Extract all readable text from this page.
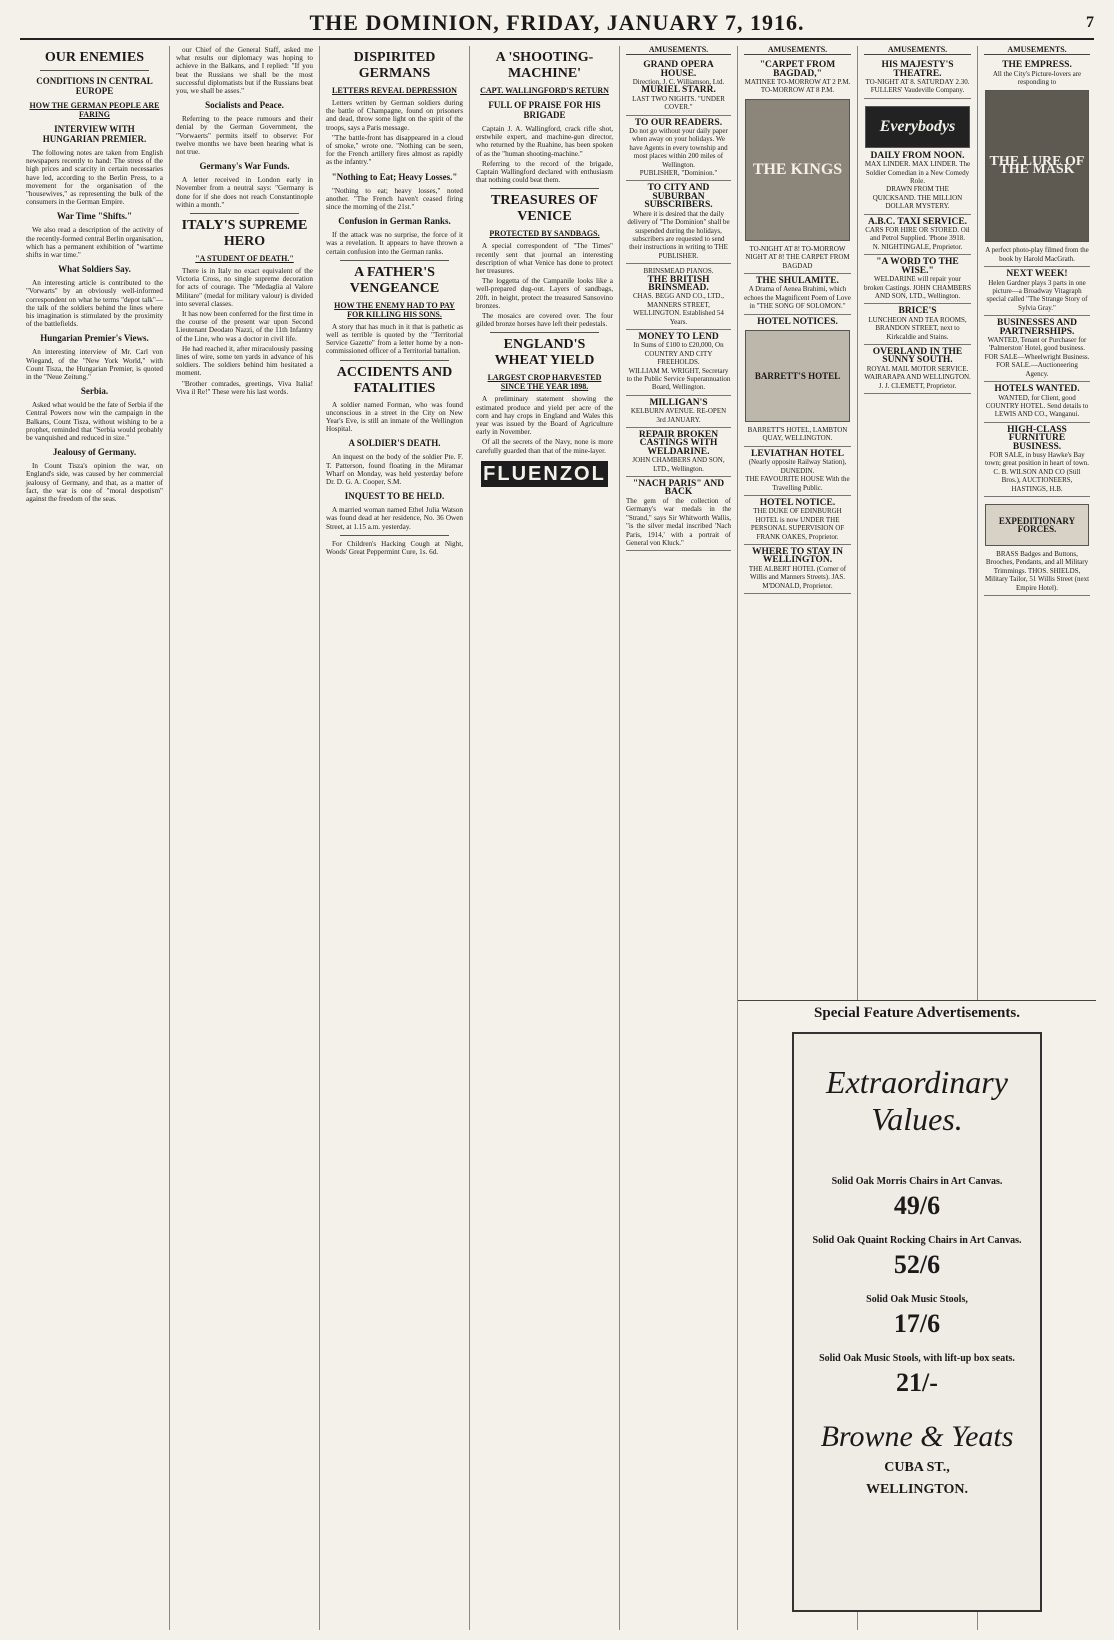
THE DOMINION, FRIDAY, JANUARY 7, 1916.	7
OUR ENEMIES
CONDITIONS IN CENTRAL EUROPE
HOW THE GERMAN PEOPLE ARE FARING
INTERVIEW WITH HUNGARIAN PREMIER.

The following notes are taken from English newspapers recently to hand: The stress of the high prices and scarcity in certain necessaries have led, according to the Berlin Press, to a movement for the organisation of the "housewives," as representing the bulk of the consumers in the German Empire.

War Time "Shifts."

We also read a description of the activity of the recently-formed central Berlin organisation, which has a permanent exhibition of "wartime shifts in war time."

What Soldiers Say.

An interesting article is contributed to the "Vorwarts" by an obviously well-informed correspondent on what he terms "depot talk"—the talk of the soldiers behind the lines where his imagination is stimulated by the proximity of the battlefields.

Hungarian Premier's Views.

An interesting interview of Mr. Carl von Wiegand, of the "New York World," with Count Tisza, the Hungarian Premier, is quoted in the "Neue Zeitung."

Serbia.

Asked what would be the fate of Serbia if the Central Powers now win the campaign in the Balkans, Count Tisza, without wishing to be a prophet, reminded that "Serbia would probably be vanquished and reduced in size."

Jealousy of Germany.

In Count Tisza's opinion the war, on England's side, was caused by her commercial jealousy of Germany, and that, as a matter of fact, the war is one of "moral despotism" against the freedom of the seas.

our Chief of the General Staff, asked me what results our diplomacy was hoping to achieve in the Balkans, and I replied: "If you beat the Russians we shall be the most successful diplomatists but if the Russians beat you, we shall be asses."

Socialists and Peace.

Referring to the peace rumours and their denial by the German Government, the "Vorwaerts" permits itself to observe: For twelve months we have been hearing what is not true.

Germany's War Funds.

A letter received in London early in November from a neutral says: "Germany is done for if she does not reach Constantinople within a month."

ITALY'S SUPREME HERO
"A STUDENT OF DEATH."

There is in Italy no exact equivalent of the Victoria Cross, no single supreme decoration for acts of courage. The "Medaglia al Valore Militare" (medal for military valour) is divided into several classes.

It has now been conferred for the first time in the course of the present war upon Second Lieutenant Deodato Nazzi, of the 11th Infantry of the Line, who was a doctor in civil life.

He had reached it, after miraculously passing lines of wire, some ten yards in advance of his soldiers. The soldiers behind him hesitated a moment.

"Brother comrades, greetings, Viva Italia! Viva il Re!" These were his last words.

DISPIRITED GERMANS
LETTERS REVEAL DEPRESSION

Letters written by German soldiers during the battle of Champagne, found on prisoners and dead, throw some light on the spirit of the troops, says a Paris message.

"The battle-front has disappeared in a cloud of smoke," wrote one. "Nothing can be seen, for the French artillery fires almost as rapidly as the infantry."

"Nothing to Eat; Heavy Losses."

"Nothing to eat; heavy losses," noted another. "The French haven't ceased firing since the morning of the 21st."

Confusion in German Ranks.

If the attack was no surprise, the force of it was a revelation. It appears to have thrown a certain confusion into the German ranks.

A FATHER'S VENGEANCE
HOW THE ENEMY HAD TO PAY FOR KILLING HIS SONS.

A story that has much in it that is pathetic as well as terrible is quoted by the "Territorial Service Gazette" from a letter home by a non-commissioned officer of a Territorial battalion.

ACCIDENTS AND FATALITIES

A soldier named Forman, who was found unconscious in a street in the City on New Year's Eve, is still an inmate of the Wellington Hospital.

A SOLDIER'S DEATH.

An inquest on the body of the soldier Pte. F. T. Patterson, found floating in the Miramar Wharf on Monday, was held yesterday before Dr. D. G. A. Cooper, S.M.

INQUEST TO BE HELD.

A married woman named Ethel Julia Watson was found dead at her residence, No. 36 Owen Street, at 1.15 a.m. yesterday.

For Children's Hacking Cough at Night, Woods' Great Peppermint Cure, 1s. 6d.

A 'SHOOTING-MACHINE'
CAPT. WALLINGFORD'S RETURN
FULL OF PRAISE FOR HIS BRIGADE

Captain J. A. Wallingford, crack rifle shot, erstwhile expert, and machine-gun director, who returned by the Ruahine, has been spoken of as the "human shooting-machine."

Referring to the record of the brigade, Captain Wallingford declared with enthusiasm that nothing could beat them.

TREASURES OF VENICE
PROTECTED BY SANDBAGS.

A special correspondent of "The Times" recently sent that journal an interesting description of what Venice has done to protect her treasures.

The loggetta of the Campanile looks like a well-prepared dug-out. Layers of sandbags, 20ft. in height, protect the treasured Sansovino bronzes.

The mosaics are covered over. The four gilded bronze horses have left their pedestals.

ENGLAND'S WHEAT YIELD
LARGEST CROP HARVESTED SINCE THE YEAR 1898.

A preliminary statement showing the estimated produce and yield per acre of the corn and hay crops in England and Wales this year was issued by the Board of Agriculture early in November.

Of all the secrets of the Navy, none is more carefully guarded than that of the mine-layer.

FLUENZOL
AMUSEMENTS.
GRAND OPERA HOUSE.
Direction, J. C. Williamson, Ltd.
MURIEL STARR.
LAST TWO NIGHTS. "UNDER COVER."
TO OUR READERS.
Do not go without your daily paper when away on your holidays. We have Agents in every township and most places within 200 miles of Wellington.
PUBLISHER, "Dominion."
TO CITY AND SUBURBAN SUBSCRIBERS.
Where it is desired that the daily delivery of "The Dominion" shall be suspended during the holidays, subscribers are requested to send their instructions in writing to THE PUBLISHER.
BRINSMEAD PIANOS.
THE BRITISH BRINSMEAD.
CHAS. BEGG AND CO., LTD., MANNERS STREET, WELLINGTON. Established 54 Years.
MONEY TO LEND
In Sums of £100 to £20,000, On COUNTRY AND CITY FREEHOLDS.
WILLIAM M. WRIGHT, Secretary to the Public Service Superannuation Board, Wellington.
MILLIGAN'S
KELBURN AVENUE. RE-OPEN 3rd JANUARY.
REPAIR BROKEN CASTINGS WITH WELDARINE.
JOHN CHAMBERS AND SON, LTD., Wellington.
"NACH PARIS" AND BACK
The gem of the collection of Germany's war medals in the "Strand," says Sir Whitworth Wallis, "is the silver medal inscribed 'Nach Paris, 1914,' with a portrait of General von Kluck."
AMUSEMENTS.
"CARPET FROM BAGDAD,"
MATINEE TO-MORROW AT 2 P.M. TO-MORROW AT 8 P.M.
THE KINGS
TO-NIGHT AT 8! TO-MORROW NIGHT AT 8! THE CARPET FROM BAGDAD
THE SHULAMITE.
A Drama of Aenea Brahimi, which echoes the Magnificent Poem of Love in "THE SONG OF SOLOMON."
HOTEL NOTICES.
BARRETT'S HOTEL
BARRETT'S HOTEL, LAMBTON QUAY, WELLINGTON.
LEVIATHAN HOTEL
(Nearly opposite Railway Station), DUNEDIN.
THE FAVOURITE HOUSE With the Travelling Public.
HOTEL NOTICE.
THE DUKE OF EDINBURGH HOTEL is now UNDER THE PERSONAL SUPERVISION OF FRANK OAKES, Proprietor.
WHERE TO STAY IN WELLINGTON.
THE ALBERT HOTEL (Corner of Willis and Manners Streets). JAS. M'DONALD, Proprietor.
AMUSEMENTS.
HIS MAJESTY'S THEATRE.
TO-NIGHT AT 8. SATURDAY 2.30. FULLERS' Vaudeville Company.
Everybodys
DAILY FROM NOON.
MAX LINDER. MAX LINDER. The Soldier Comedian in a New Comedy Role.
DRAWN FROM THE QUICKSAND. THE MILLION DOLLAR MYSTERY.
A.B.C. TAXI SERVICE.
CARS FOR HIRE OR STORED. Oil and Petrol Supplied. 'Phone 3918.
N. NIGHTINGALE, Proprietor.
"A WORD TO THE WISE."
WELDARINE will repair your broken Castings. JOHN CHAMBERS AND SON, LTD., Wellington.
BRICE'S
LUNCHEON AND TEA ROOMS, BRANDON STREET, next to Kirkcaldie and Stains.
OVERLAND IN THE SUNNY SOUTH.
ROYAL MAIL MOTOR SERVICE. WAIRARAPA AND WELLINGTON. J. J. CLEMETT, Proprietor.
AMUSEMENTS.
THE EMPRESS.
All the City's Picture-lovers are responding to
THE LURE OF THE MASK
A perfect photo-play filmed from the book by Harold MacGrath.
NEXT WEEK!
Helen Gardner plays 3 parts in one picture—a Broadway Vitagraph special called "The Strange Story of Sylvia Gray."
BUSINESSES AND PARTNERSHIPS.
WANTED, Tenant or Purchaser for 'Palmerston' Hotel, good business. FOR SALE—Wheelwright Business. FOR SALE.—Auctioneering Agency.
HOTELS WANTED.
WANTED, for Client, good COUNTRY HOTEL. Send details to LEWIS AND CO., Wanganui.
HIGH-CLASS FURNITURE BUSINESS.
FOR SALE, in busy Hawke's Bay town; great position in heart of town.
C. B. WILSON AND CO (Still Bros.), AUCTIONEERS, HASTINGS, H.B.
EXPEDITIONARY FORCES.
BRASS Badges and Buttons, Brooches, Pendants, and all Military Trimmings. THOS. SHIELDS, Military Tailor, 51 Willis Street (next Empire Hotel).
Special Feature Advertisements.
Extraordinary
Values.
Solid Oak Morris Chairs in Art Canvas.
49/6
Solid Oak Quaint Rocking Chairs in Art Canvas.
52/6
Solid Oak Music Stools,
17/6
Solid Oak Music Stools, with lift-up box seats.
21/-
Browne & Yeats
CUBA ST.,
WELLINGTON.
